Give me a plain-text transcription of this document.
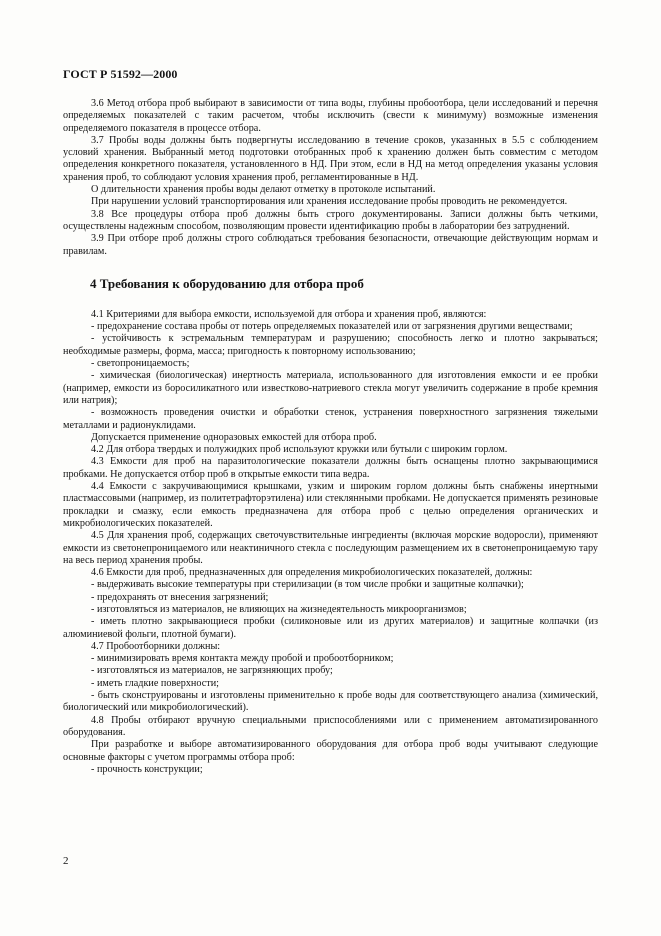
ГОСТ Р 51592—2000

3.6 Метод отбора проб выбирают в зависимости от типа воды, глубины пробоотбора, цели исследований и перечня определяемых показателей с таким расчетом, чтобы исключить (свести к минимуму) возможные изменения определяемого показателя в процессе отбора.

3.7 Пробы воды должны быть подвергнуты исследованию в течение сроков, указанных в 5.5 с соблюдением условий хранения. Выбранный метод подготовки отобранных проб к хранению должен быть совместим с методом определения конкретного показателя, установленного в НД. При этом, если в НД на метод определения указаны условия хранения проб, то соблюдают условия хранения проб, регламентированные в НД.

О длительности хранения пробы воды делают отметку в протоколе испытаний.

При нарушении условий транспортирования или хранения исследование пробы проводить не рекомендуется.

3.8 Все процедуры отбора проб должны быть строго документированы. Записи должны быть четкими, осуществлены надежным способом, позволяющим провести идентификацию пробы в лаборатории без затруднений.

3.9 При отборе проб должны строго соблюдаться требования безопасности, отвечающие действующим нормам и правилам.

4 Требования к оборудованию для отбора проб

4.1 Критериями для выбора емкости, используемой для отбора и хранения проб, являются:

- предохранение состава пробы от потерь определяемых показателей или от загрязнения другими веществами;

- устойчивость к эстремальным температурам и разрушению; способность легко и плотно закрываться; необходимые размеры, форма, масса; пригодность к повторному использованию;

- светопроницаемость;

- химическая (биологическая) инертность материала, использованного для изготовления емкости и ее пробки (например, емкости из боросиликатного или известково-натриевого стекла могут увеличить содержание в пробе кремния или натрия);

- возможность проведения очистки и обработки стенок, устранения поверхностного загрязнения тяжелыми металлами и радионуклидами.

Допускается применение одноразовых емкостей для отбора проб.

4.2 Для отбора твердых и полужидких проб используют кружки или бутыли с широким горлом.

4.3 Емкости для проб на паразитологические показатели должны быть оснащены плотно закрывающимися пробками. Не допускается отбор проб в открытые емкости типа ведра.

4.4 Емкости с закручивающимися крышками, узким и широким горлом должны быть снабжены инертными пластмассовыми (например, из политетрафторэтилена) или стеклянными пробками. Не допускается применять резиновые прокладки и смазку, если емкость предназначена для отбора проб с целью определения органических и микробиологических показателей.

4.5 Для хранения проб, содержащих светочувствительные ингредиенты (включая морские водоросли), применяют емкости из светонепроницаемого или неактиничного стекла с последующим размещением их в светонепроницаемую тару на весь период хранения пробы.

4.6 Емкости для проб, предназначенных для определения микробиологических показателей, должны:

- выдерживать высокие температуры при стерилизации (в том числе пробки и защитные колпачки);

- предохранять от внесения загрязнений;

- изготовляться из материалов, не влияющих на жизнедеятельность микроорганизмов;

- иметь плотно закрывающиеся пробки (силиконовые или из других материалов) и защитные колпачки (из алюминиевой фольги, плотной бумаги).

4.7 Пробоотборники должны:

- минимизировать время контакта между пробой и пробоотборником;

- изготовляться из материалов, не загрязняющих пробу;

- иметь гладкие поверхности;

- быть сконструированы и изготовлены применительно к пробе воды для соответствующего анализа (химический, биологический или микробиологический).

4.8 Пробы отбирают вручную специальными приспособлениями или с применением автоматизированного оборудования.

При разработке и выборе автоматизированного оборудования для отбора проб воды учитывают следующие основные факторы с учетом программы отбора проб:

- прочность конструкции;

2
